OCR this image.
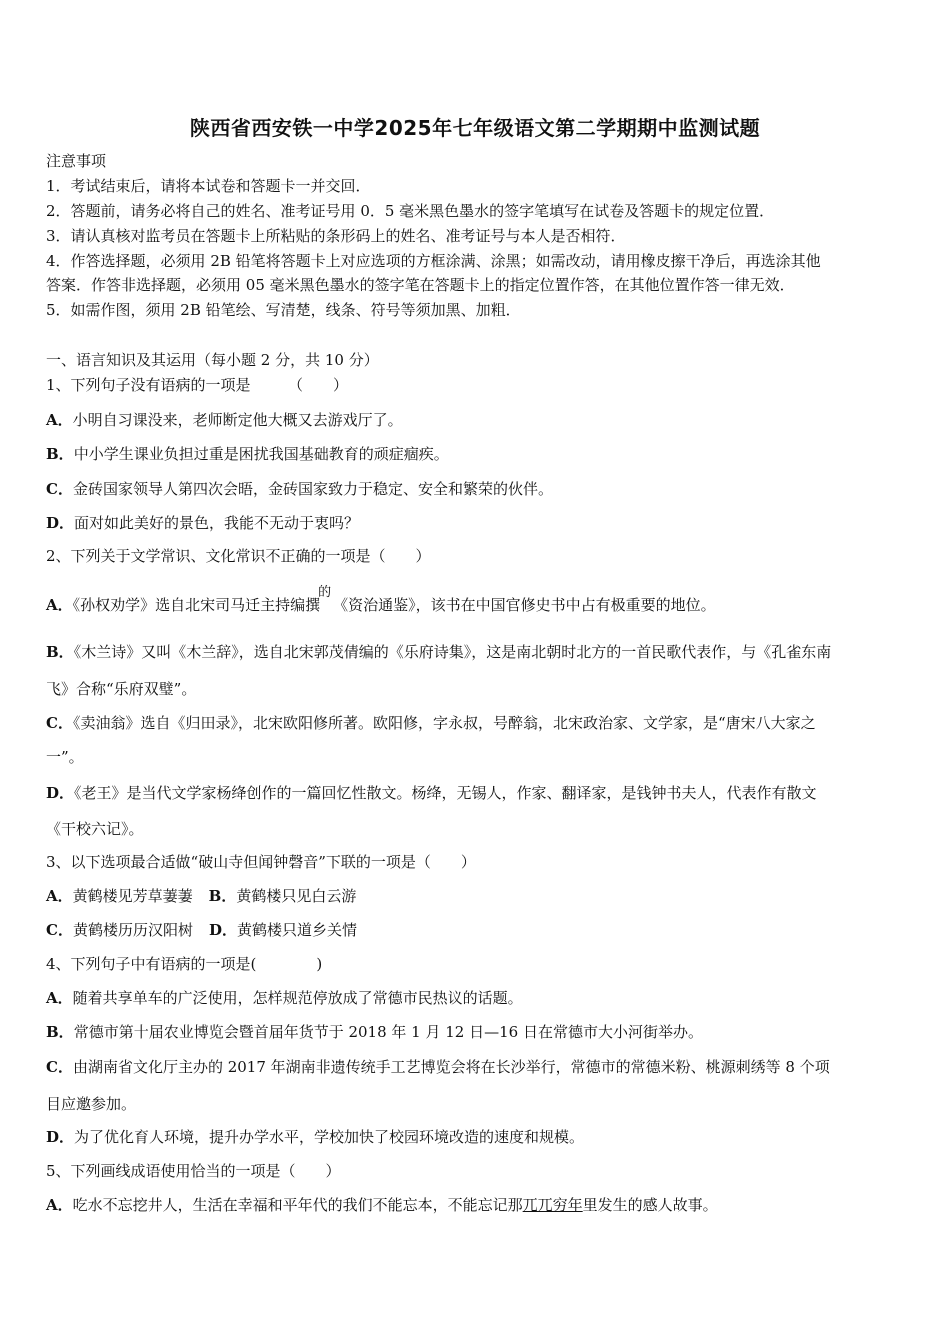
陕西省西安铁一中学2025年七年级语文第二学期期中监测试题
注意事项
1．考试结束后，请将本试卷和答题卡一并交回．
2．答题前，请务必将自己的姓名、准考证号用 0．5 毫米黑色墨水的签字笔填写在试卷及答题卡的规定位置．
3．请认真核对监考员在答题卡上所粘贴的条形码上的姓名、准考证号与本人是否相符．
4．作答选择题，必须用 2B 铅笔将答题卡上对应选项的方框涂满、涂黑；如需改动，请用橡皮擦干净后，再选涂其他
答案．作答非选择题，必须用 05 毫米黑色墨水的签字笔在答题卡上的指定位置作答，在其他位置作答一律无效．
5．如需作图，须用 2B 铅笔绘、写清楚，线条、符号等须加黑、加粗．
一、语言知识及其运用（每小题 2 分，共 10 分）
1、下列句子没有语病的一项是　　　（　　）
A．小明自习课没来，老师断定他大概又去游戏厅了。
B．中小学生课业负担过重是困扰我国基础教育的顽症痼疾。
C．金砖国家领导人第四次会晤，金砖国家致力于稳定、安全和繁荣的伙伴。
D．面对如此美好的景色，我能不无动于衷吗？
2、下列关于文学常识、文化常识不正确的一项是（　　）
A．《孙权劝学》选自北宋司马迁主持编撰的《资治通鉴》，该书在中国官修史书中占有极重要的地位。
B．《木兰诗》又叫《木兰辞》，选自北宋郭茂倩编的《乐府诗集》，这是南北朝时北方的一首民歌代表作，与《孔雀东南
飞》合称“乐府双璧”。
C．《卖油翁》选自《归田录》，北宋欧阳修所著。欧阳修，字永叔，号醉翁，北宋政治家、文学家，是“唐宋八大家之
一”。
D．《老王》是当代文学家杨绛创作的一篇回忆性散文。杨绛，无锡人，作家、翻译家，是钱钟书夫人，代表作有散文
《干校六记》。
3、以下选项最合适做“破山寺但闻钟磬音”下联的一项是（　　）
A．黄鹤楼见芳草萋萋 B．黄鹤楼只见白云游
C．黄鹤楼历历汉阳树 D．黄鹤楼只道乡关情
4、下列句子中有语病的一项是(　　　　)
A．随着共享单车的广泛使用，怎样规范停放成了常德市民热议的话题。
B．常德市第十届农业博览会暨首届年货节于 2018 年 1 月 12 日—16 日在常德市大小河街举办。
C．由湖南省文化厅主办的 2017 年湖南非遗传统手工艺博览会将在长沙举行，常德市的常德米粉、桃源刺绣等 8 个项
目应邀参加。
D．为了优化育人环境，提升办学水平，学校加快了校园环境改造的速度和规模。
5、下列画线成语使用恰当的一项是（　　）
A．吃水不忘挖井人，生活在幸福和平年代的我们不能忘本，不能忘记那兀兀穷年里发生的感人故事。
